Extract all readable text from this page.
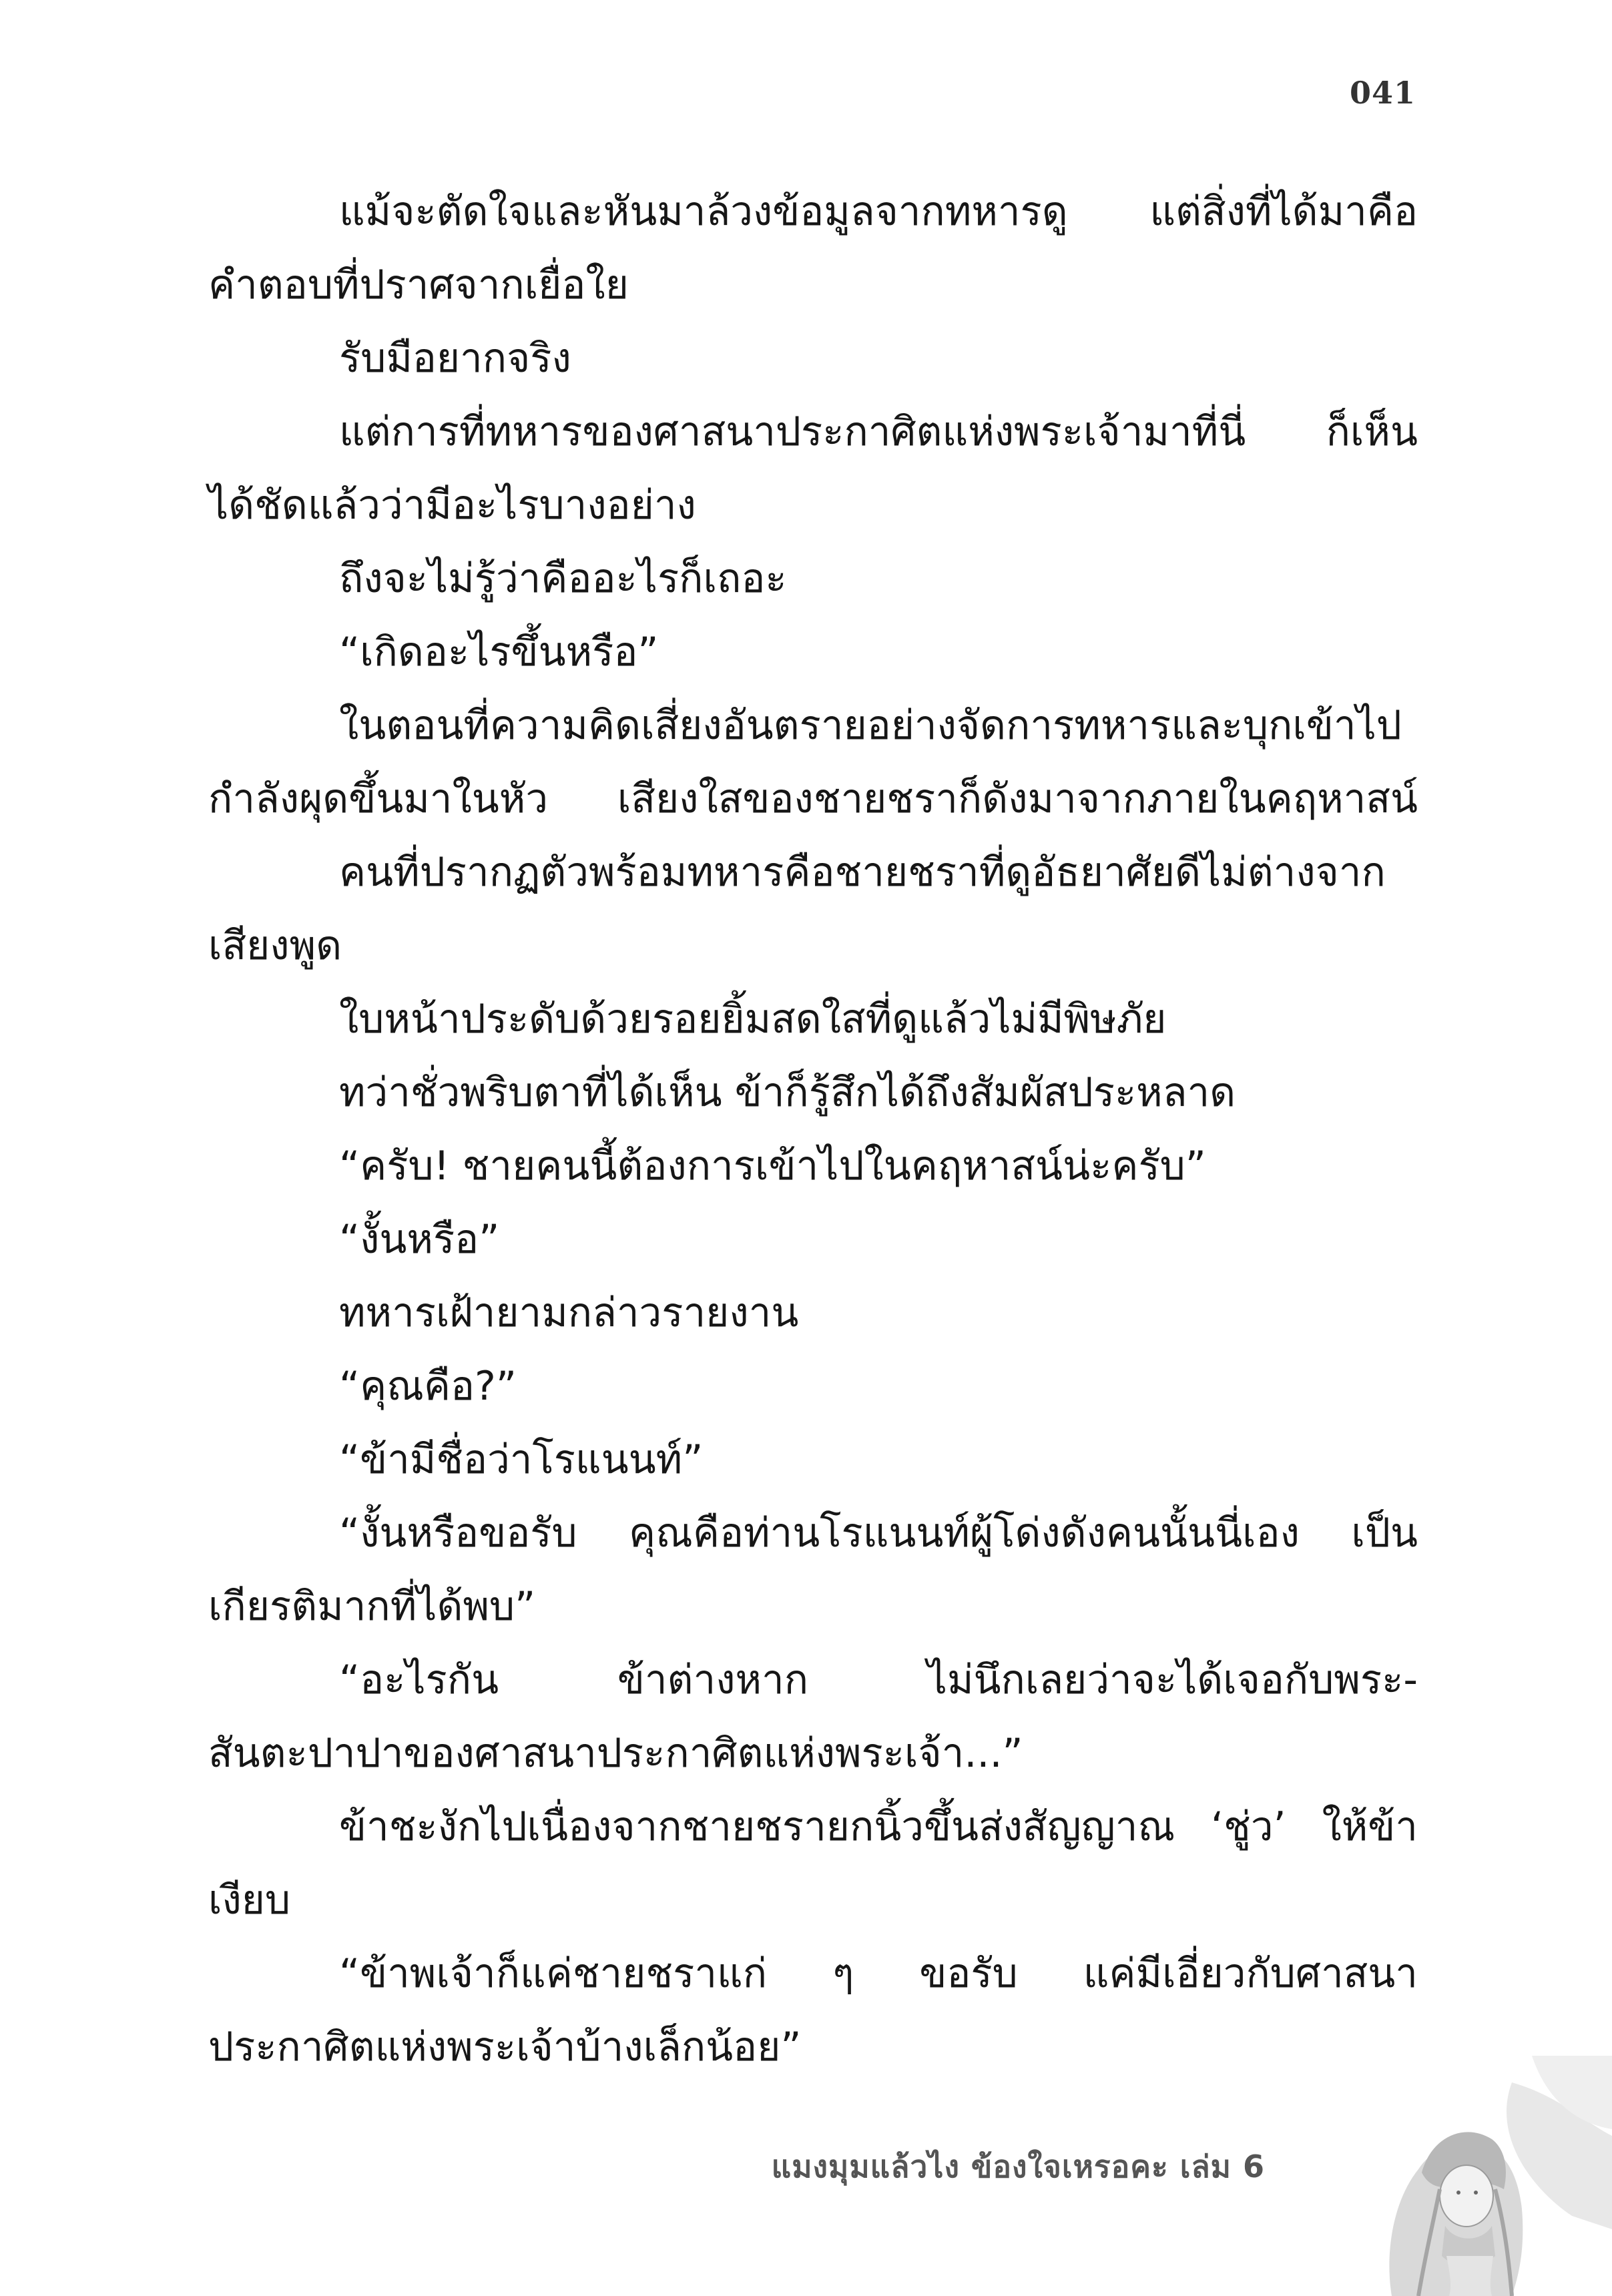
041
แม้จะตัดใจและหันมาล้วงข้อมูลจากทหารดู แต่สิ่งที่ได้มาคือ
คำตอบที่ปราศจากเยื่อใย
รับมือยากจริง
แต่การที่ทหารของศาสนาประกาศิตแห่งพระเจ้ามาที่นี่ ก็เห็น
ได้ชัดแล้วว่ามีอะไรบางอย่าง
ถึงจะไม่รู้ว่าคืออะไรก็เถอะ
“เกิดอะไรขึ้นหรือ”
ในตอนที่ความคิดเสี่ยงอันตรายอย่างจัดการทหารและบุกเข้าไป
กำลังผุดขึ้นมาในหัว เสียงใสของชายชราก็ดังมาจากภายในคฤหาสน์
คนที่ปรากฏตัวพร้อมทหารคือชายชราที่ดูอัธยาศัยดีไม่ต่างจาก
เสียงพูด
ใบหน้าประดับด้วยรอยยิ้มสดใสที่ดูแล้วไม่มีพิษภัย
ทว่าชั่วพริบตาที่ได้เห็น ข้าก็รู้สึกได้ถึงสัมผัสประหลาด
“ครับ! ชายคนนี้ต้องการเข้าไปในคฤหาสน์น่ะครับ”
“งั้นหรือ”
ทหารเฝ้ายามกล่าวรายงาน
“คุณคือ?”
“ข้ามีชื่อว่าโรแนนท์”
“งั้นหรือขอรับ คุณคือท่านโรแนนท์ผู้โด่งดังคนนั้นนี่เอง เป็น
เกียรติมากที่ได้พบ”
“อะไรกัน ข้าต่างหาก ไม่นึกเลยว่าจะได้เจอกับพระ-
สันตะปาปาของศาสนาประกาศิตแห่งพระเจ้า...”
ข้าชะงักไปเนื่องจากชายชรายกนิ้วขึ้นส่งสัญญาณ ‘ชู่ว’ ให้ข้า
เงียบ
“ข้าพเจ้าก็แค่ชายชราแก่ ๆ ขอรับ แค่มีเอี่ยวกับศาสนา
ประกาศิตแห่งพระเจ้าบ้างเล็กน้อย”
แมงมุมแล้วไง ข้องใจเหรอคะ เล่ม 6
